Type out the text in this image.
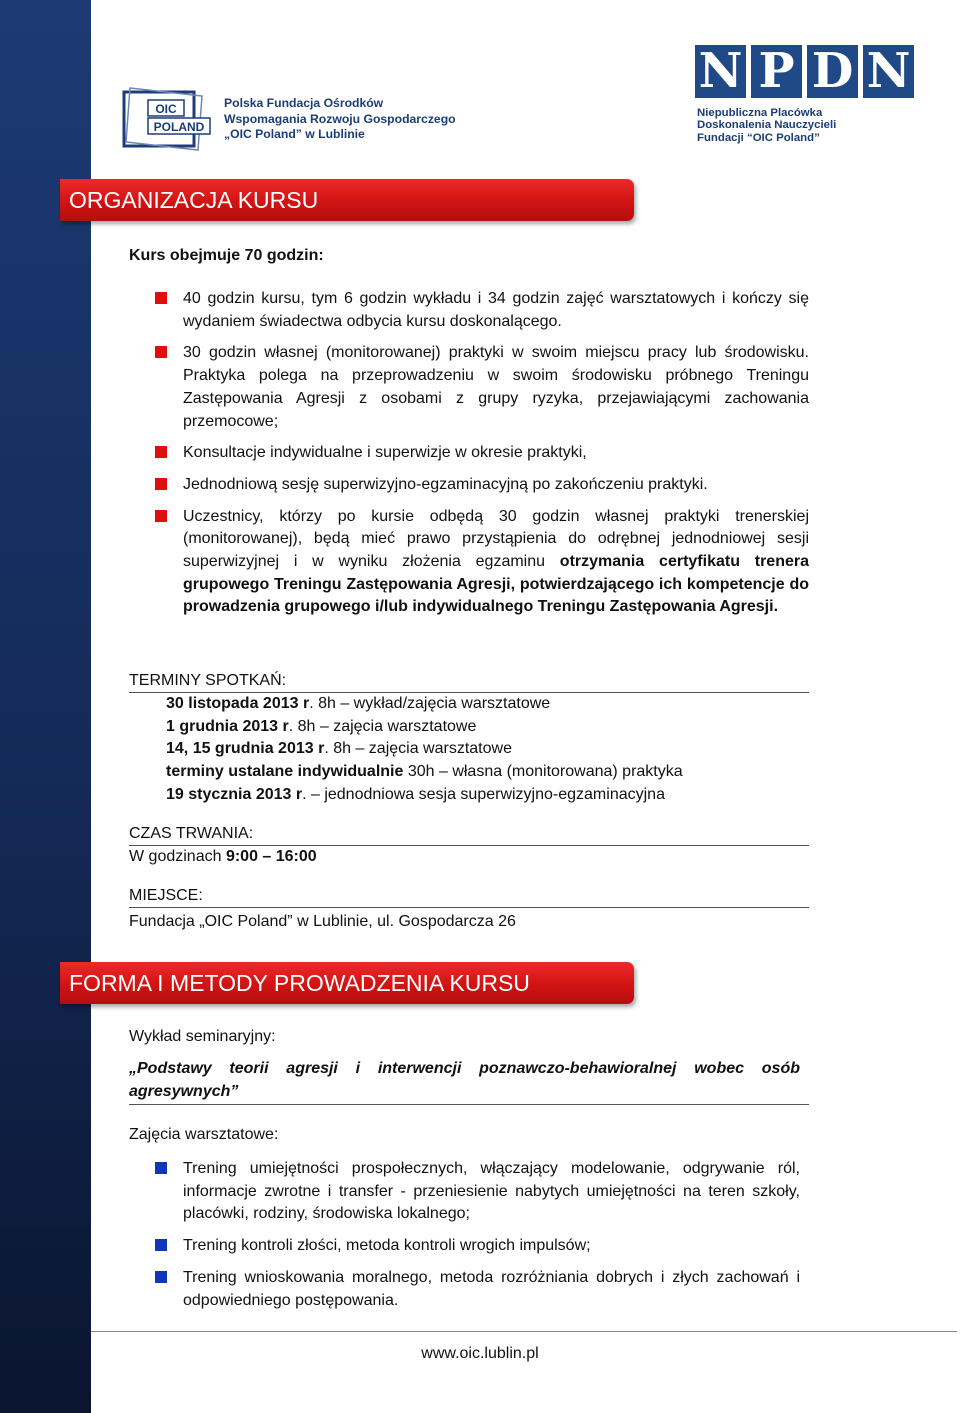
OIC
POLAND
Polska Fundacja Ośrodków
Wspomagania Rozwoju Gospodarczego
„OIC Poland” w Lublinie
N P D N
Niepubliczna Placówka
Doskonalenia Nauczycieli
Fundacji “OIC Poland”
ORGANIZACJA KURSU
Kurs obejmuje 70 godzin:
40 godzin kursu, tym 6 godzin wykładu i 34 godzin zajęć warsztatowych i kończy się wydaniem świadectwa odbycia kursu doskonalącego.
30 godzin własnej (monitorowanej) praktyki w swoim miejscu pracy lub środowisku. Praktyka polega na przeprowadzeniu w swoim środowisku próbnego Treningu Zastępowania Agresji z osobami z grupy ryzyka, przejawiającymi zachowania przemocowe;
Konsultacje indywidualne i superwizje w okresie praktyki,
Jednodniową sesję superwizyjno-egzaminacyjną po zakończeniu praktyki.
Uczestnicy, którzy po kursie odbędą 30 godzin własnej praktyki trenerskiej (monitorowanej), będą mieć prawo przystąpienia do odrębnej jednodniowej sesji superwizyjnej i w wyniku złożenia egzaminu otrzymania certyfikatu trenera grupowego Treningu Zastępowania Agresji, potwierdzającego ich kompetencje do prowadzenia grupowego i/lub indywidualnego Treningu Zastępowania Agresji.
TERMINY SPOTKAŃ:
30 listopada 2013 r. 8h – wykład/zajęcia warsztatowe
1 grudnia 2013 r. 8h – zajęcia warsztatowe
14, 15 grudnia 2013 r. 8h – zajęcia warsztatowe
terminy ustalane indywidualnie 30h – własna (monitorowana) praktyka
19 stycznia 2013 r. – jednodniowa sesja superwizyjno-egzaminacyjna
CZAS TRWANIA:
W godzinach 9:00 – 16:00
MIEJSCE:
Fundacja „OIC Poland” w Lublinie, ul. Gospodarcza 26
FORMA I METODY PROWADZENIA KURSU
Wykład seminaryjny:
„Podstawy teorii agresji i interwencji poznawczo-behawioralnej wobec osób agresywnych”
Zajęcia warsztatowe:
Trening umiejętności prospołecznych, włączający modelowanie, odgrywanie ról, informacje zwrotne i transfer - przeniesienie nabytych umiejętności na teren szkoły, placówki, rodziny, środowiska lokalnego;
Trening kontroli złości, metoda kontroli wrogich impulsów;
Trening wnioskowania moralnego, metoda rozróżniania dobrych i złych zachowań i odpowiedniego postępowania.
www.oic.lublin.pl
